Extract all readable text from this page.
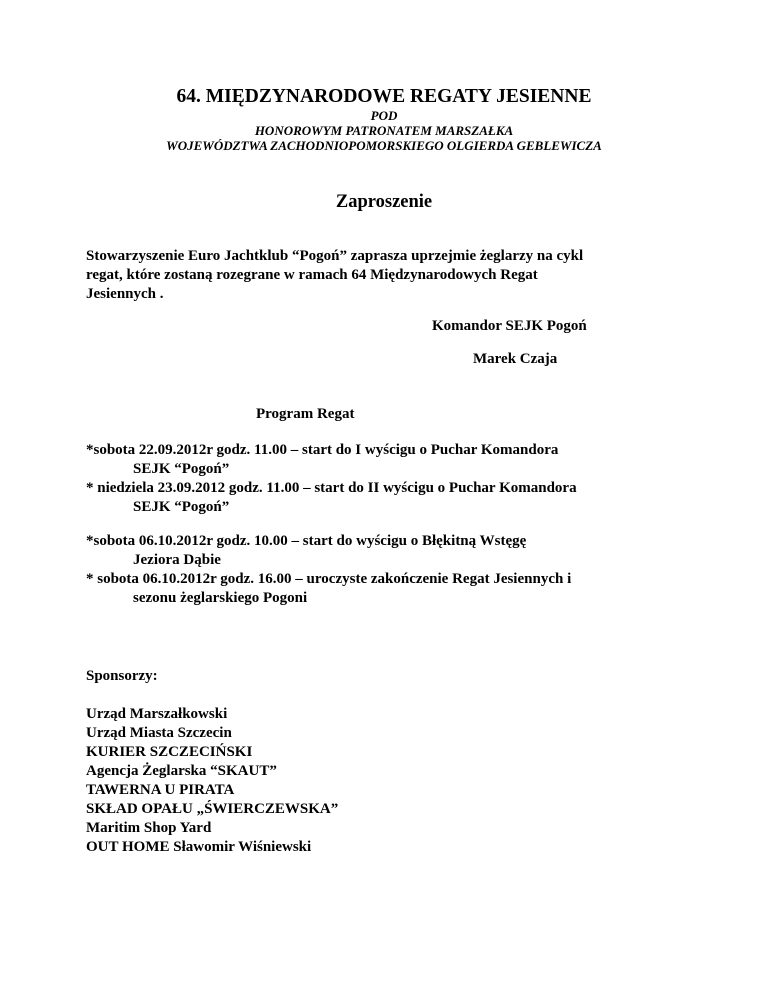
64. MIĘDZYNARODOWE REGATY JESIENNE
POD
HONOROWYM PATRONATEM MARSZAŁKA
WOJEWÓDZTWA ZACHODNIOPOMORSKIEGO OLGIERDA GEBLEWICZA
Zaproszenie
Stowarzyszenie Euro Jachtklub “Pogoń” zaprasza uprzejmie żeglarzy na cykl
regat, które zostaną rozegrane w ramach 64 Międzynarodowych Regat
Jesiennych .
Komandor SEJK Pogoń
Marek Czaja
Program Regat
*sobota 22.09.2012r godz. 11.00 – start do I wyścigu o Puchar Komandora
SEJK “Pogoń”
* niedziela 23.09.2012 godz. 11.00 – start do II wyścigu o Puchar Komandora
SEJK “Pogoń”
*sobota 06.10.2012r godz. 10.00 – start do wyścigu o Błękitną Wstęgę
Jeziora Dąbie
* sobota 06.10.2012r godz. 16.00 – uroczyste zakończenie Regat Jesiennych i
sezonu żeglarskiego Pogoni
Sponsorzy:
Urząd Marszałkowski
Urząd Miasta Szczecin
KURIER SZCZECIŃSKI
Agencja Żeglarska “SKAUT”
TAWERNA U PIRATA
SKŁAD OPAŁU „ŚWIERCZEWSKA”
Maritim Shop Yard
OUT HOME Sławomir Wiśniewski
